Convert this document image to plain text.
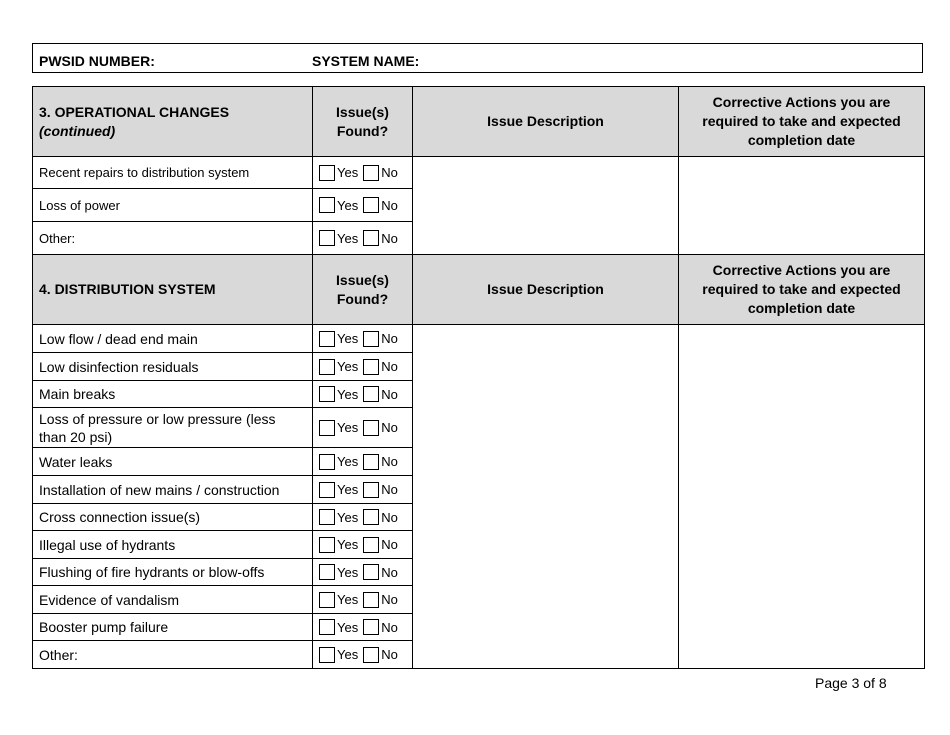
PWSID NUMBER:	SYSTEM NAME:
3. OPERATIONAL CHANGES
(continued)	Issue(s) Found?	Issue Description	Corrective Actions you are required to take and expected completion date
Recent repairs to distribution system	Yes No		
Loss of power	Yes No		
Other:	Yes No		
4. DISTRIBUTION SYSTEM	Issue(s) Found?	Issue Description	Corrective Actions you are required to take and expected completion date
Low flow / dead end main	Yes No		
Low disinfection residuals	Yes No		
Main breaks	Yes No		
Loss of pressure or low pressure (less than 20 psi)	Yes No		
Water leaks	Yes No		
Installation of new mains / construction	Yes No		
Cross connection issue(s)	Yes No		
Illegal use of hydrants	Yes No		
Flushing of fire hydrants or blow-offs	Yes No		
Evidence of vandalism	Yes No		
Booster pump failure	Yes No		
Other:	Yes No		
Page 3 of 8
